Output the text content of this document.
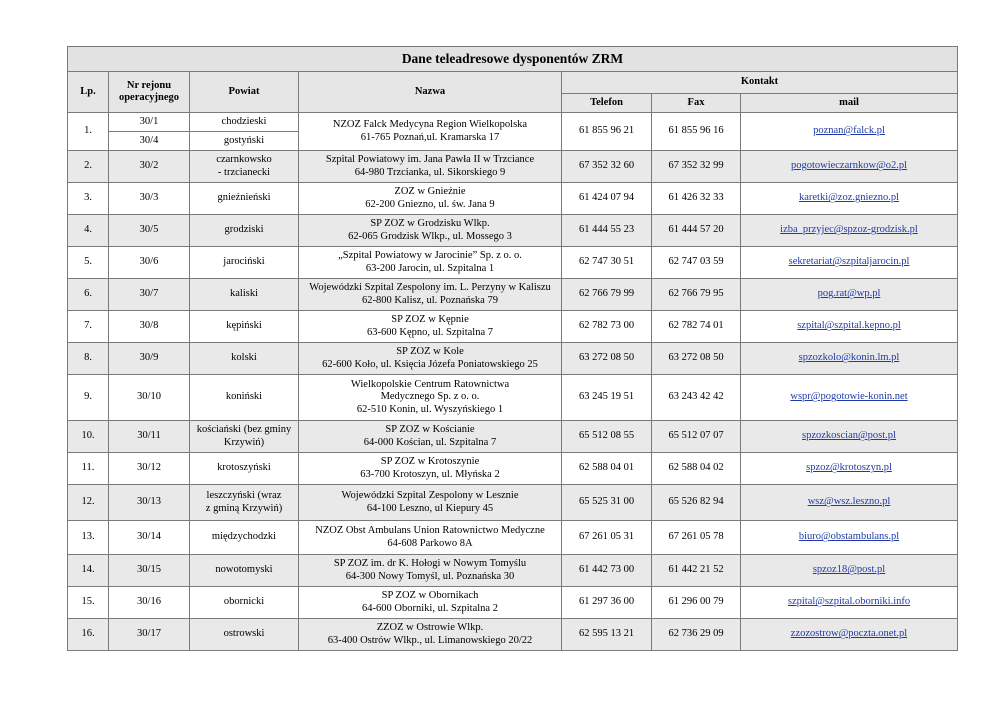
Dane teleadresowe dysponentów ZRM						
Lp.	Nr rejonu operacyjnego	Powiat	Nazwa	Kontakt		
				Telefon	Fax	mail
1.	30/1	chodzieski	NZOZ Falck Medycyna Region Wielkopolska
61-765 Poznań,ul. Kramarska 17	61 855 96 21	61 855 96 16	poznan@falck.pl
	30/4	gostyński				
2.	30/2	czarnkowsko
- trzcianecki	Szpital Powiatowy im. Jana Pawła II w Trzciance
64-980 Trzcianka, ul. Sikorskiego 9	67 352 32 60	67 352 32 99	pogotowieczarnkow@o2.pl
3.	30/3	gnieźnieński	ZOZ w Gnieźnie
62-200 Gniezno, ul. św. Jana 9	61 424 07 94	61 426 32 33	karetki@zoz.gniezno.pl
4.	30/5	grodziski	SP ZOZ w Grodzisku Wlkp.
62-065 Grodzisk Wlkp., ul. Mossego 3	61 444 55 23	61 444 57 20	izba_przyjec@spzoz-grodzisk.pl
5.	30/6	jarociński	„Szpital Powiatowy w Jarocinie” Sp. z o. o.
63-200 Jarocin, ul. Szpitalna 1	62 747 30 51	62 747 03 59	sekretariat@szpitaljarocin.pl
6.	30/7	kaliski	Wojewódzki Szpital Zespolony im. L. Perzyny w Kaliszu
62-800 Kalisz, ul. Poznańska 79	62 766 79 99	62 766 79 95	pog.rat@wp.pl
7.	30/8	kępiński	SP ZOZ w Kępnie
63-600 Kępno, ul. Szpitalna 7	62 782 73 00	62 782 74 01	szpital@szpital.kepno.pl
8.	30/9	kolski	SP ZOZ w Kole
62-600 Koło, ul. Księcia Józefa Poniatowskiego 25	63 272 08 50	63 272 08 50	spzozkolo@konin.lm.pl
9.	30/10	koniński	Wielkopolskie Centrum Ratownictwa
Medycznego Sp. z o. o.
62-510 Konin, ul. Wyszyńskiego 1	63 245 19 51	63 243 42 42	wspr@pogotowie-konin.net
10.	30/11	kościański (bez gminy
Krzywiń)	SP ZOZ w Kościanie
64-000 Kościan, ul. Szpitalna 7	65 512 08 55	65 512 07 07	spzozkoscian@post.pl
11.	30/12	krotoszyński	SP ZOZ w Krotoszynie
63-700 Krotoszyn, ul. Młyńska 2	62 588 04 01	62 588 04 02	spzoz@krotoszyn.pl
12.	30/13	leszczyński (wraz
z gminą Krzywiń)	Wojewódzki Szpital Zespolony w Lesznie
64-100 Leszno, ul Kiepury 45	65 525 31 00	65 526 82 94	wsz@wsz.leszno.pl
13.	30/14	międzychodzki	NZOZ Obst Ambulans Union Ratownictwo Medyczne
64-608 Parkowo 8A	67 261 05 31	67 261 05 78	biuro@obstambulans.pl
14.	30/15	nowotomyski	SP ZOZ im. dr K. Hołogi w Nowym Tomyślu
64-300 Nowy Tomyśl, ul. Poznańska 30	61 442 73 00	61 442 21 52	spzoz18@post.pl
15.	30/16	obornicki	SP ZOZ w Obornikach
64-600 Oborniki, ul. Szpitalna 2	61 297 36 00	61 296 00 79	szpital@szpital.oborniki.info
16.	30/17	ostrowski	ZZOZ w Ostrowie Wlkp.
63-400 Ostrów Wlkp., ul. Limanowskiego 20/22	62 595 13 21	62 736 29 09	zzozostrow@poczta.onet.pl
